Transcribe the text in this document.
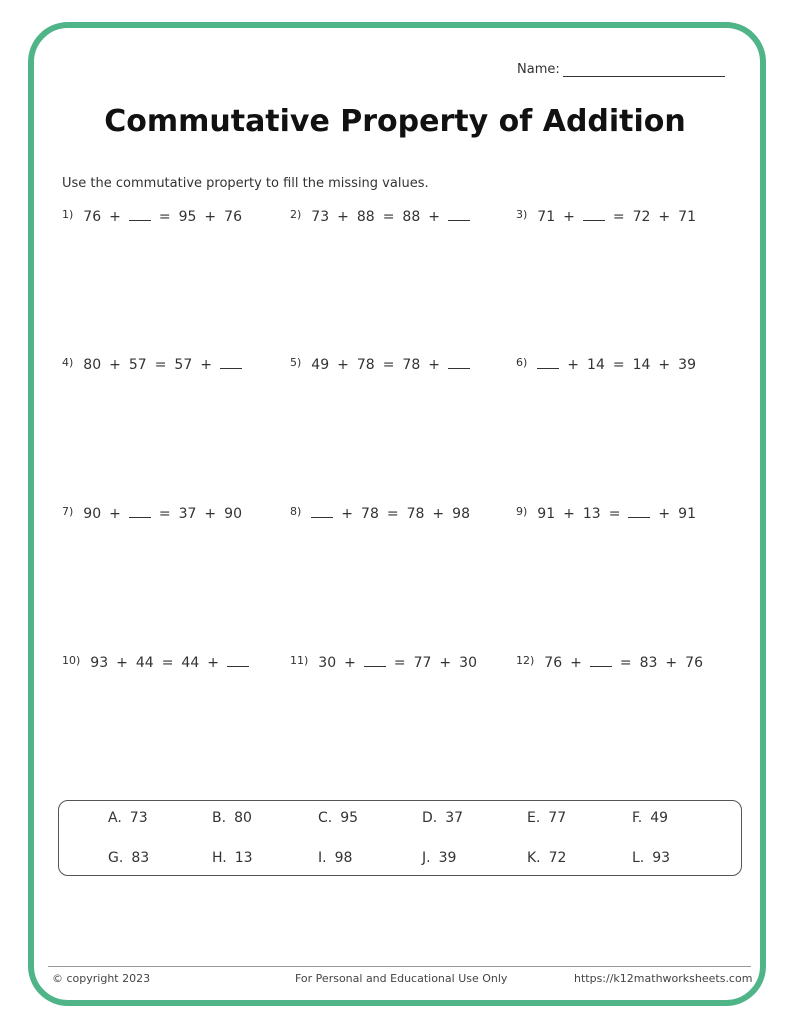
Name:
Commutative Property of Addition
Use the commutative property to fill the missing values.
1) 76 +	= 95 + 76	2) 73 + 88 = 88 +	3) 71 +	= 72 + 71
4) 80 + 57 = 57 +	5) 49 + 78 = 78 +	6)	+ 14 = 14 + 39
7) 90 +	= 37 + 90	8)	+ 78 = 78 + 98	9) 91 + 13 =	+ 91
10) 93 + 44 = 44 +	11) 30 +	= 77 + 30	12) 76 +	= 83 + 76
A. 73	B. 80	C. 95	D. 37	E. 77	F. 49
G. 83	H. 13	I. 98	J. 39	K. 72	L. 93
© copyright 2023	For Personal and Educational Use Only	https://k12mathworksheets.com
